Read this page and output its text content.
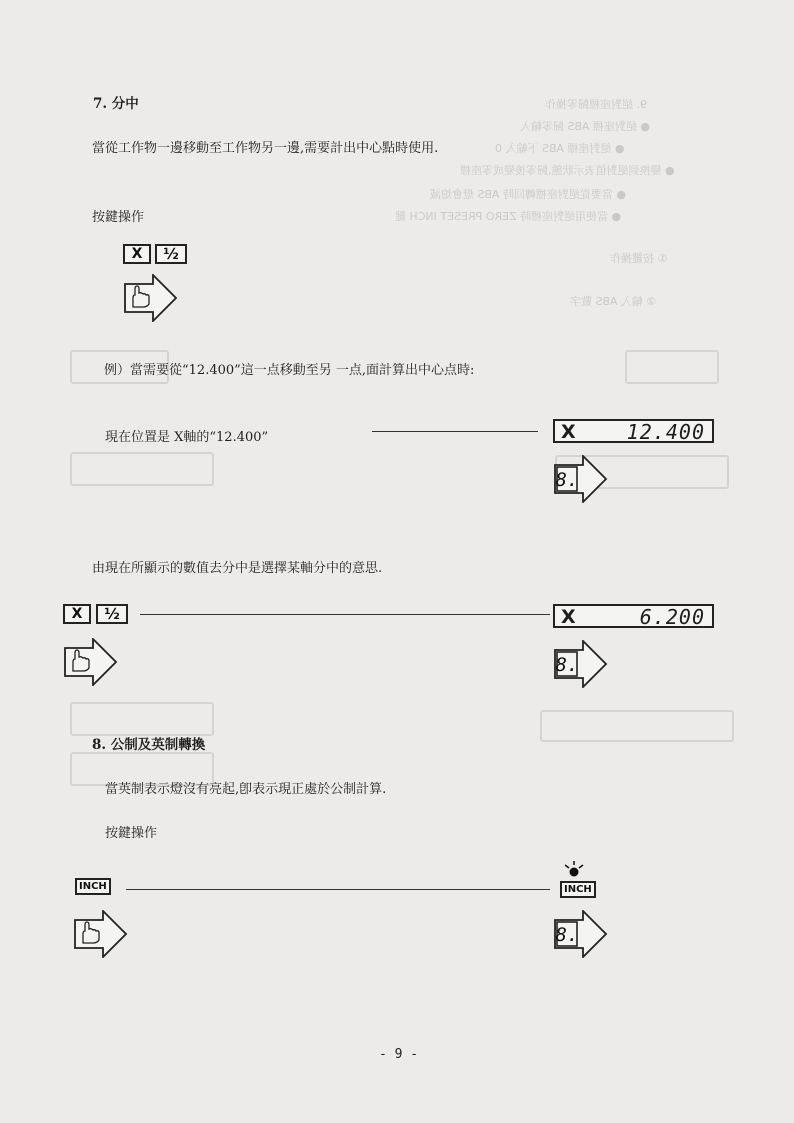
9. 絕對座標歸零操作
● 絕對座標 ABS 歸零輸入
● 絕對座標 ABS 下輸入 0
● 變換到絕對值表示狀態,歸零後變成零座標
● 當要從絕對座標轉回時 ABS 燈會熄滅
● 當使用絕對座標時 ZERO PRESET INCH 鍵
① 按鍵操作
② 輸入 ABS 數字
7. 分中
當從工作物一邊移動至工作物另一邊,需要計出中心點時使用.
按鍵操作
X	½
例）當需要從“12.400”這一点移動至另 一点,面計算出中心点時:
現在位置是 X軸的“12.400”	X	12.400
8.
由現在所顯示的數值去分中是選擇某軸分中的意思.
X	½	X	6.200
8.
8. 公制及英制轉換
當英制表示燈沒有亮起,卽表示現正處於公制計算.
按鍵操作
INCH	INCH
8.
- 9 -
